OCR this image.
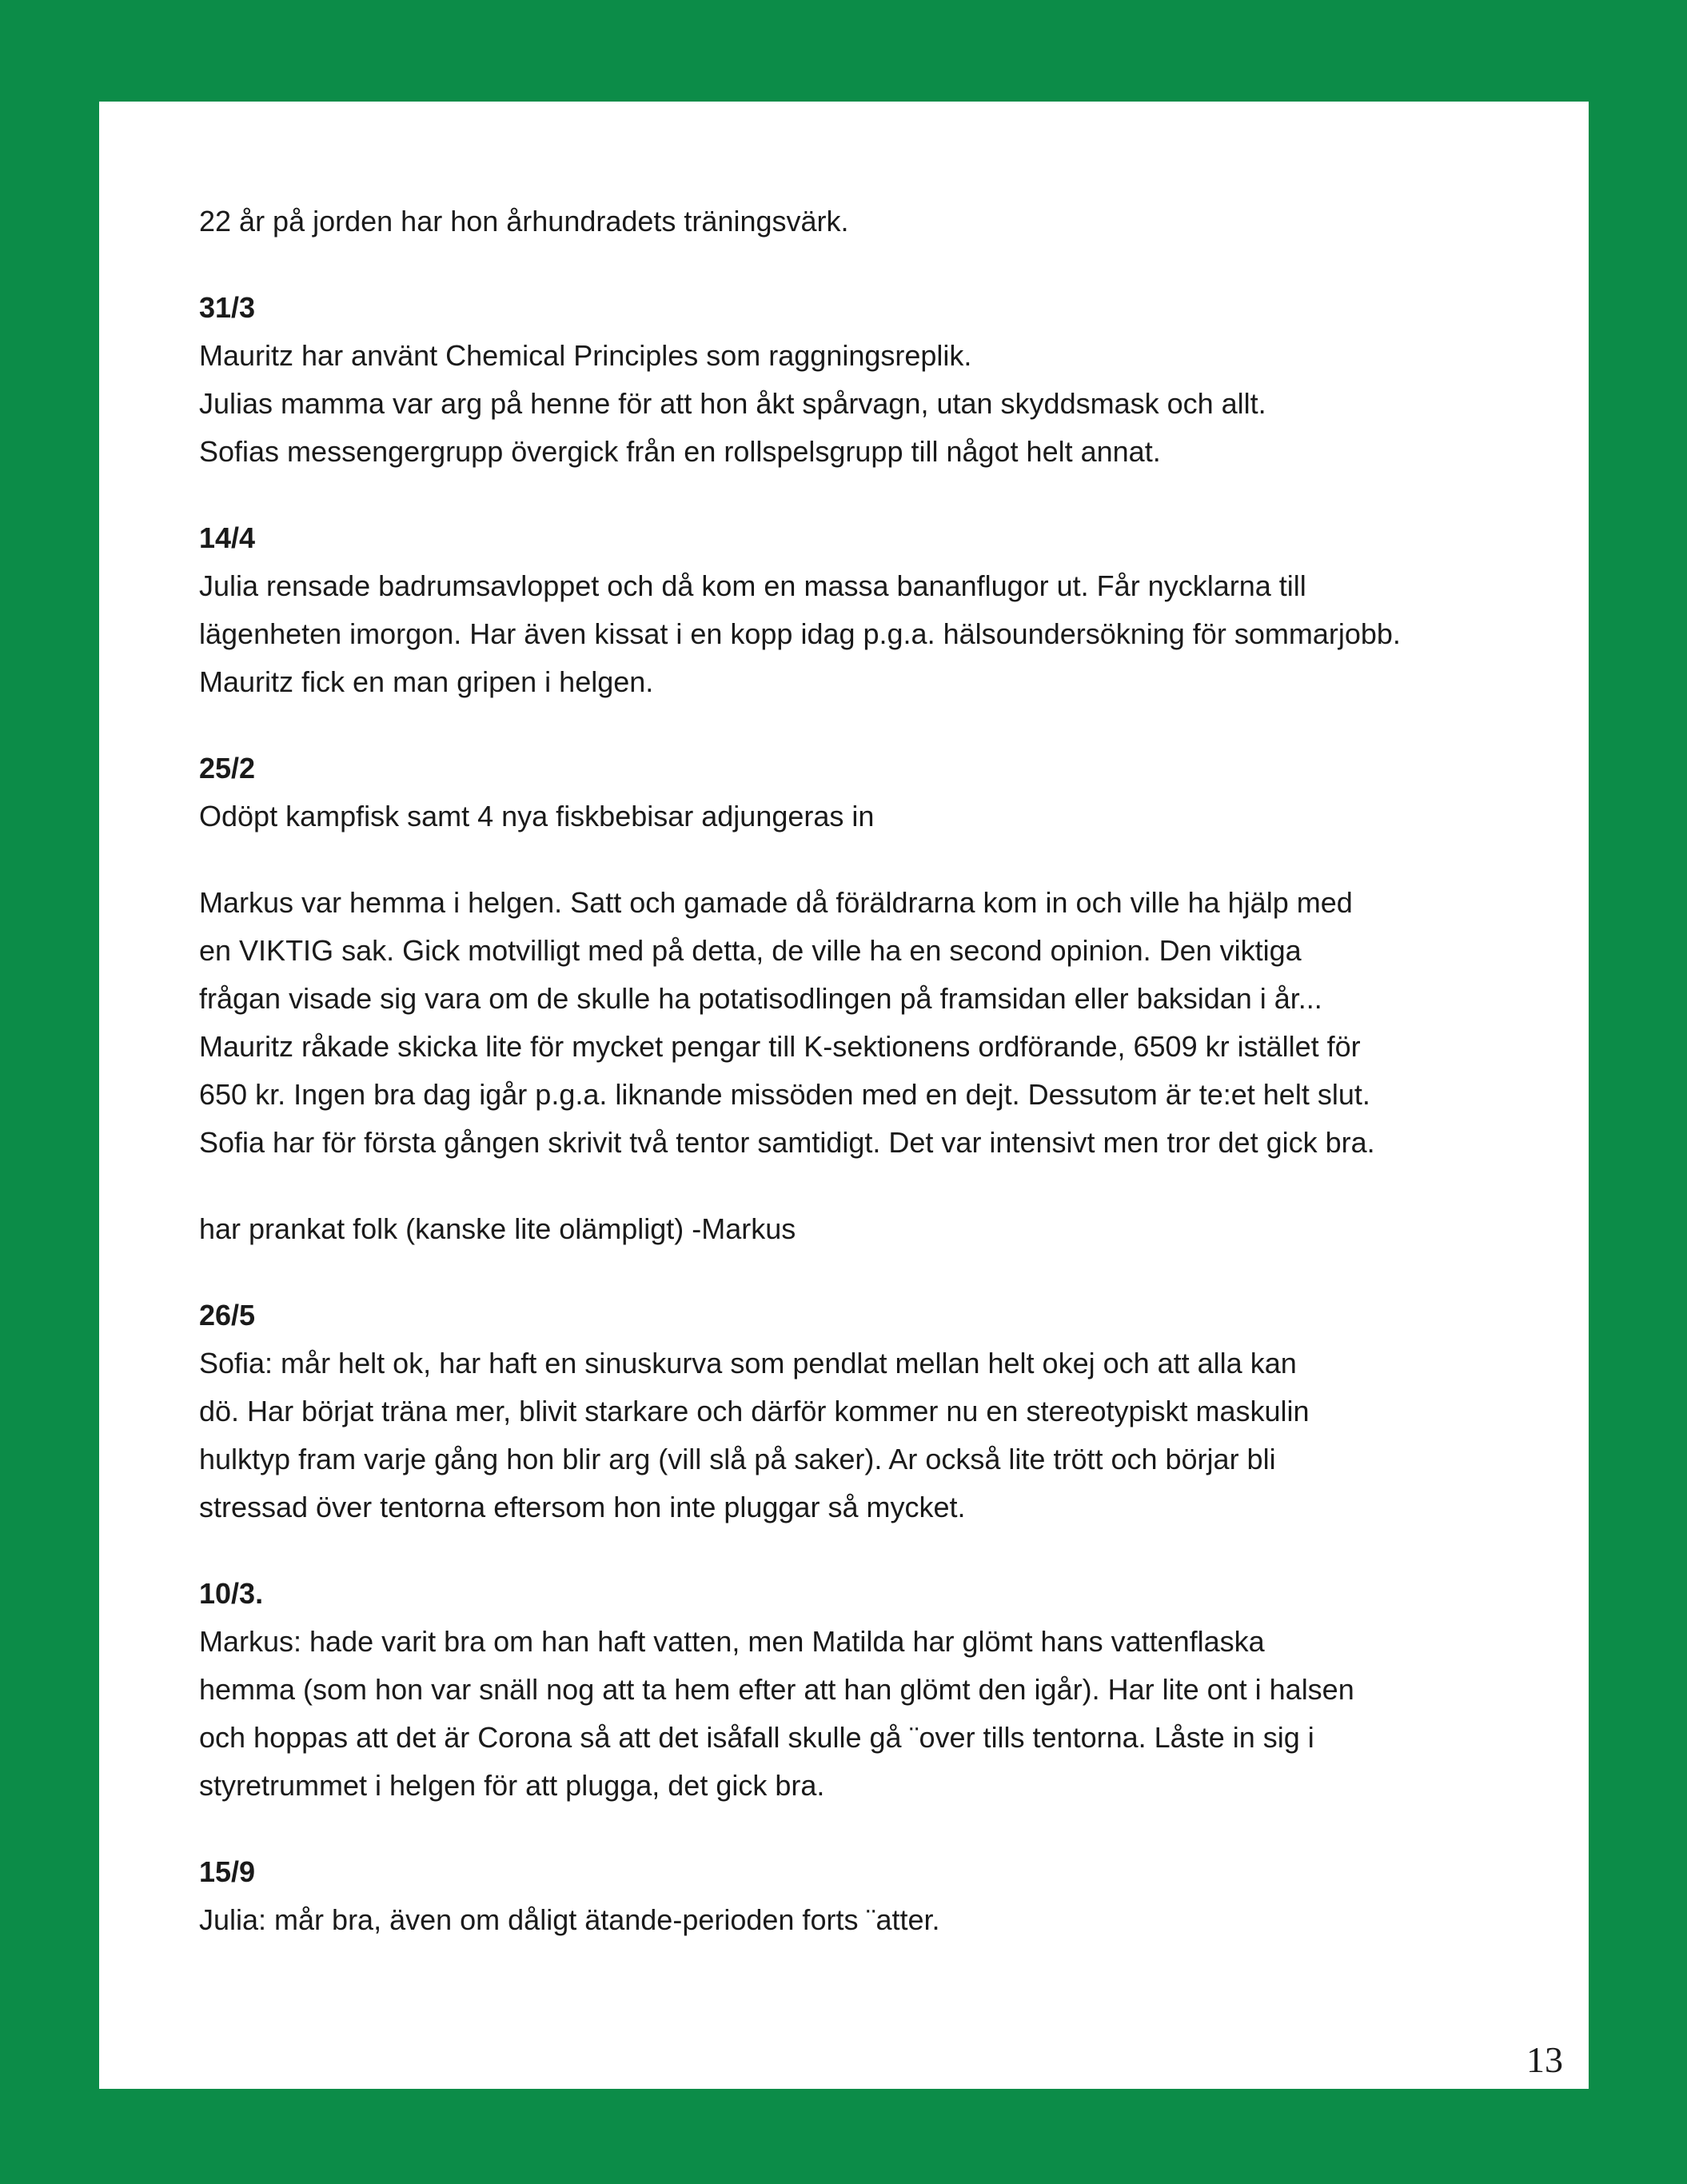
22 år på jorden har hon århundradets träningsvärk.

31/3

Mauritz har använt Chemical Principles som raggningsreplik.

Julias mamma var arg på henne för att hon åkt spårvagn, utan skyddsmask och allt.

Sofias messengergrupp övergick från en rollspelsgrupp till något helt annat.

14/4

Julia rensade badrumsavloppet och då kom en massa bananflugor ut. Får nycklarna till

lägenheten imorgon. Har även kissat i en kopp idag p.g.a. hälsoundersökning för sommarjobb.

Mauritz fick en man gripen i helgen.

25/2

Odöpt kampfisk samt 4 nya fiskbebisar adjungeras in

Markus var hemma i helgen. Satt och gamade då föräldrarna kom in och ville ha hjälp med

en VIKTIG sak. Gick motvilligt med på detta, de ville ha en second opinion. Den viktiga

frågan visade sig vara om de skulle ha potatisodlingen på framsidan eller baksidan i år...

Mauritz råkade skicka lite för mycket pengar till K-sektionens ordförande, 6509 kr istället för

650 kr. Ingen bra dag igår p.g.a. liknande missöden med en dejt. Dessutom är te:et helt slut.

Sofia har för första gången skrivit två tentor samtidigt. Det var intensivt men tror det gick bra.

har prankat folk (kanske lite olämpligt) -Markus

26/5

Sofia: mår helt ok, har haft en sinuskurva som pendlat mellan helt okej och att alla kan

dö. Har börjat träna mer, blivit starkare och därför kommer nu en stereotypiskt maskulin

hulktyp fram varje gång hon blir arg (vill slå på saker). Ar också lite trött och börjar bli

stressad över tentorna eftersom hon inte pluggar så mycket.

10/3.

Markus: hade varit bra om han haft vatten, men Matilda har glömt hans vattenflaska

hemma (som hon var snäll nog att ta hem efter att han glömt den igår). Har lite ont i halsen

och hoppas att det är Corona så att det isåfall skulle gå ¨over tills tentorna. Låste in sig i

styretrummet i helgen för att plugga, det gick bra.

15/9

Julia: mår bra, även om dåligt ätande-perioden forts ¨atter.

13
